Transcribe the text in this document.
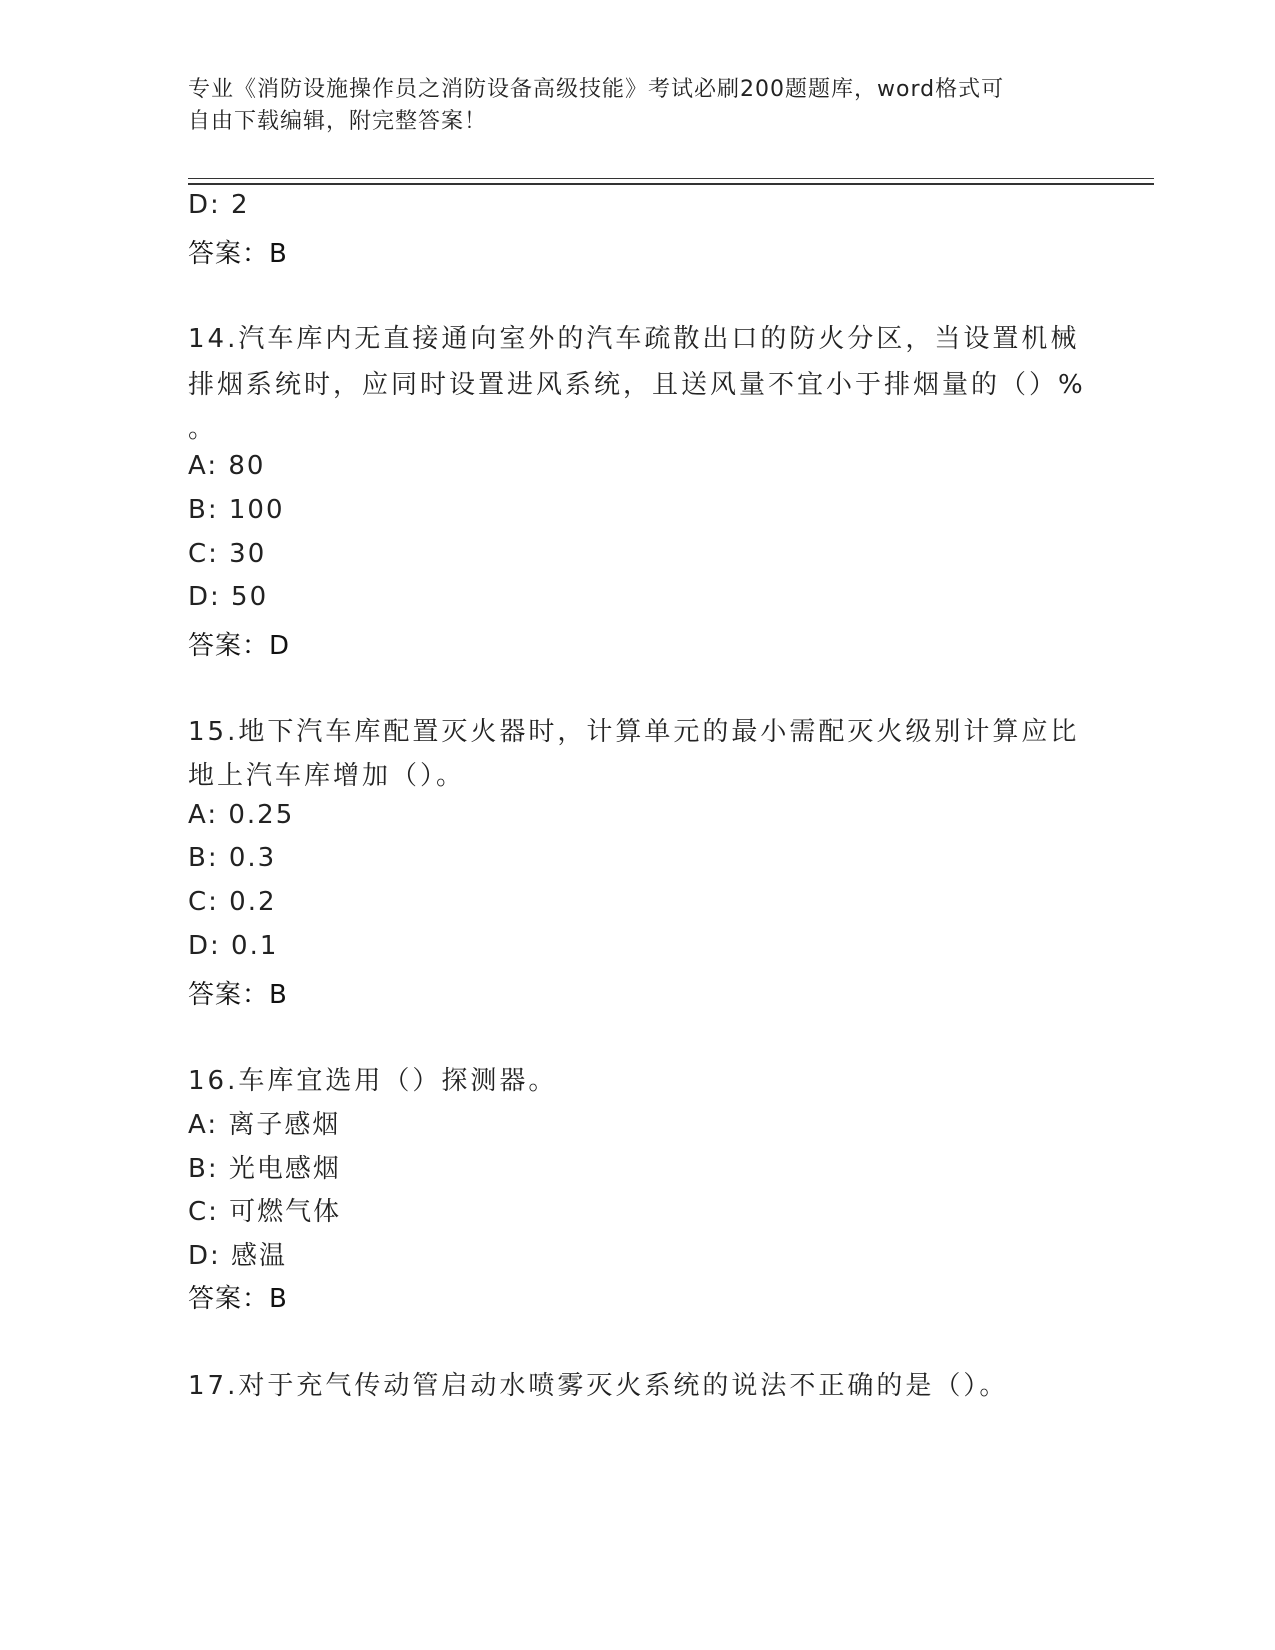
专业《消防设施操作员之消防设备高级技能》考试必刷200题题库，word格式可
自由下载编辑，附完整答案！
D: 2
答案：B
14.汽车库内无直接通向室外的汽车疏散出口的防火分区，当设置机械
排烟系统时，应同时设置进风系统，且送风量不宜小于排烟量的（）%
。
A: 80
B: 100
C: 30
D: 50
答案：D
15.地下汽车库配置灭火器时，计算单元的最小需配灭火级别计算应比
地上汽车库增加（）。
A: 0.25
B: 0.3
C: 0.2
D: 0.1
答案：B
16.车库宜选用（）探测器。
A: 离子感烟
B: 光电感烟
C: 可燃气体
D: 感温
答案：B
17.对于充气传动管启动水喷雾灭火系统的说法不正确的是（）。
